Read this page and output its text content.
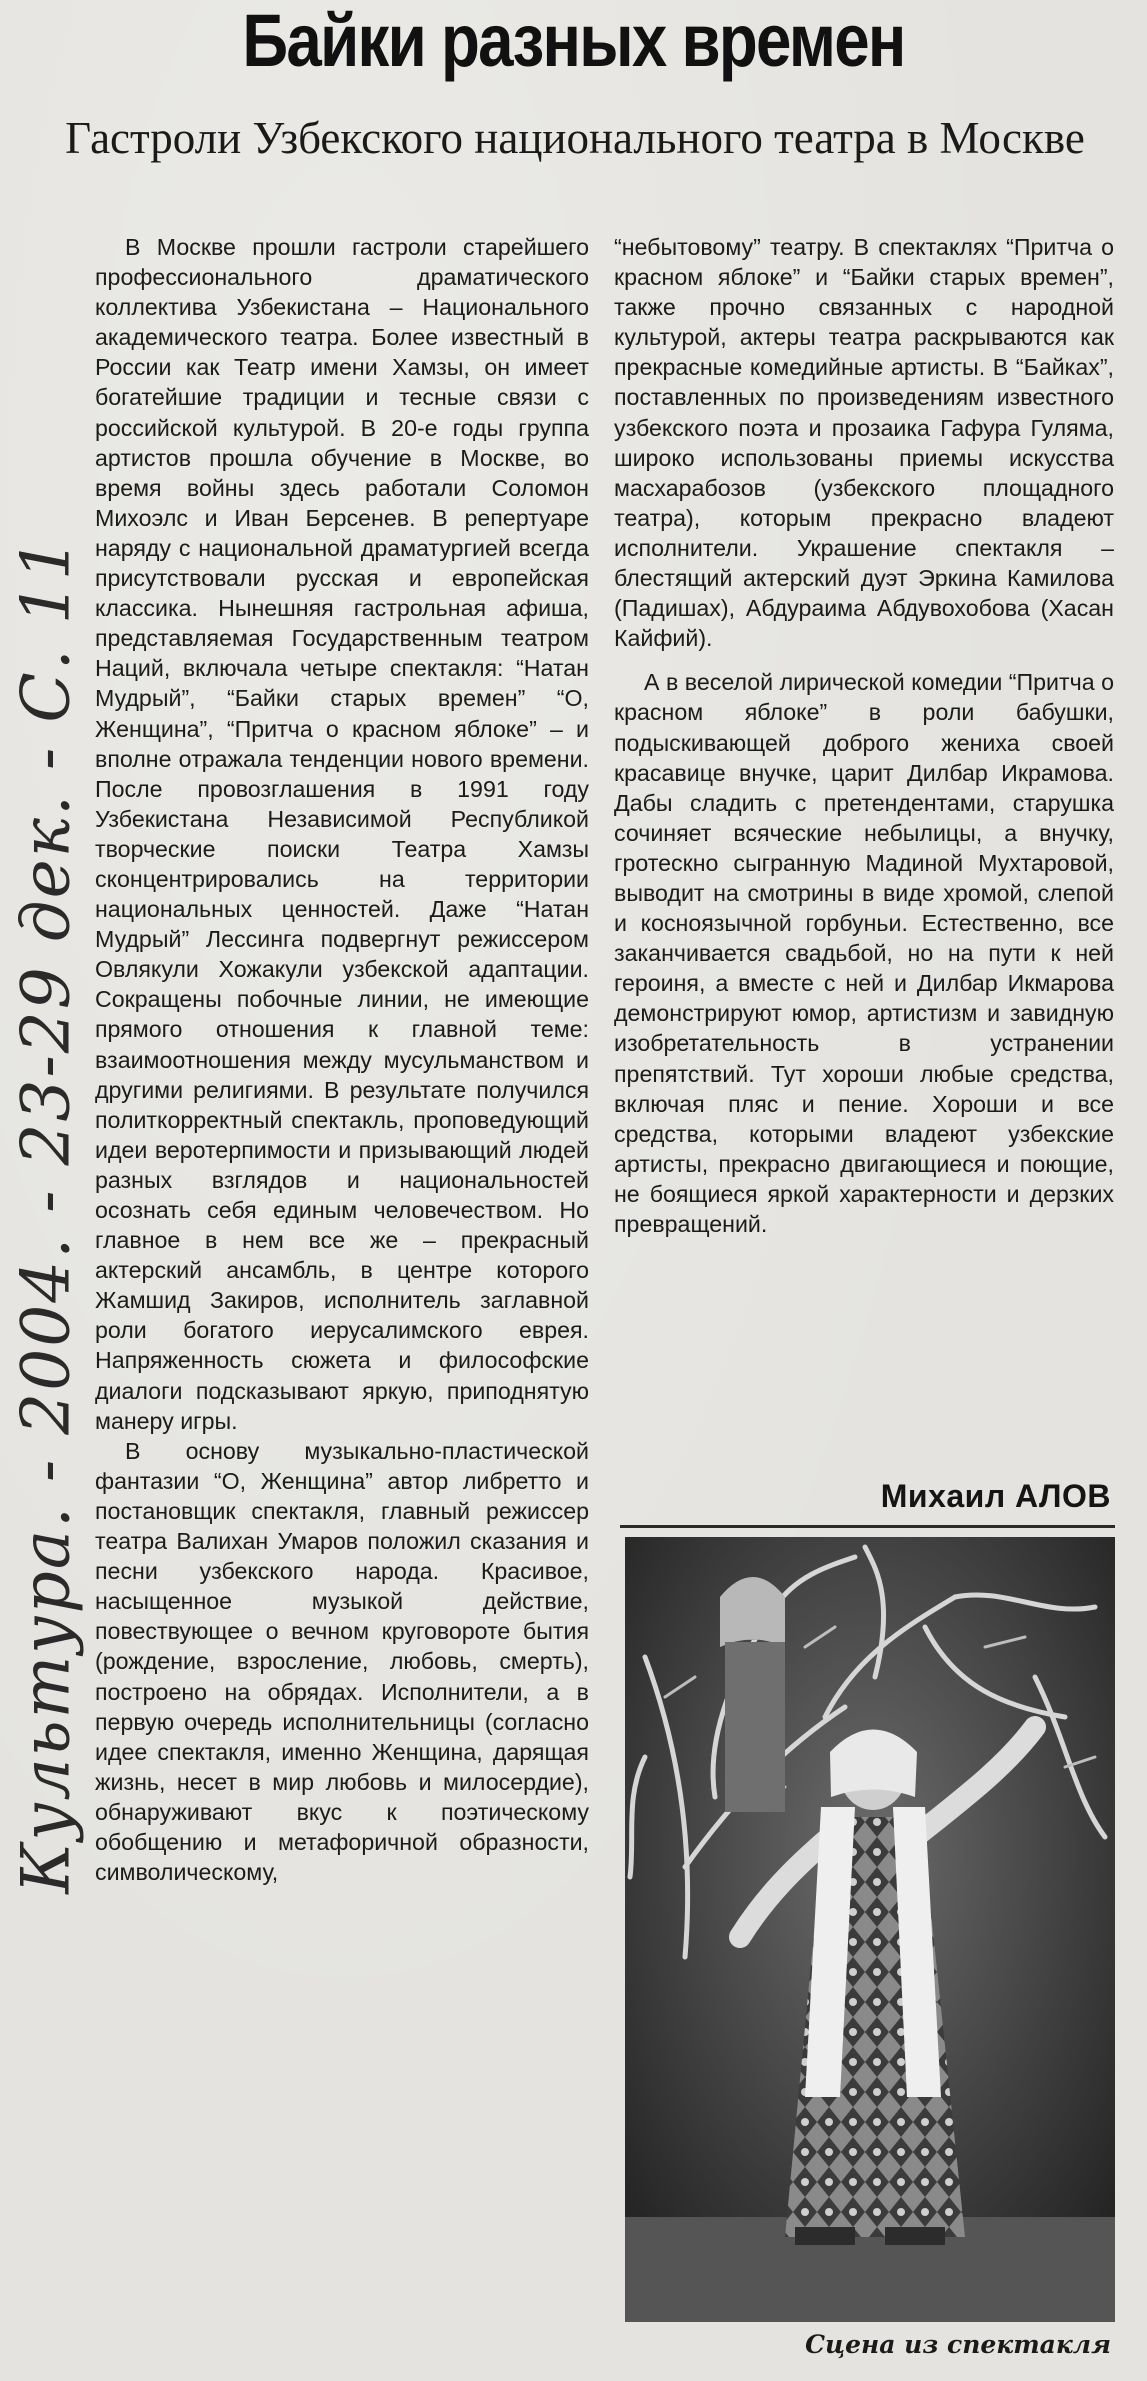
Байки разных времен
Гастроли Узбекского национального театра в Москве
Культура. - 2004. - 23-29 дек. - С. 11

В Москве прошли гастроли старейшего профессионального драматического коллектива Узбекистана – Национального академического театра. Более известный в России как Театр имени Хамзы, он имеет богатейшие традиции и тесные связи с российской культурой. В 20-е годы группа артистов прошла обучение в Москве, во время войны здесь работали Соломон Михоэлс и Иван Берсенев. В репертуаре наряду с национальной драматургией всегда присутствовали русская и европейская классика. Нынешняя гастрольная афиша, представляемая Государственным театром Наций, включала четыре спектакля: “Натан Мудрый”, “Байки старых времен” “О, Женщина”, “Притча о красном яблоке” – и вполне отражала тенденции нового времени. После провозглашения в 1991 году Узбекистана Независимой Республикой творческие поиски Театра Хамзы сконцентрировались на территории национальных ценностей. Даже “Натан Мудрый” Лессинга подвергнут режиссером Овлякули Хожакули узбекской адаптации. Сокращены побочные линии, не имеющие прямого отношения к главной теме: взаимоотношения между мусульманством и другими религиями. В результате получился политкорректный спектакль, проповедующий идеи веротерпимости и призывающий людей разных взглядов и национальностей осознать себя единым человечеством. Но главное в нем все же – прекрасный актерский ансамбль, в центре которого Жамшид Закиров, исполнитель заглавной роли богатого иерусалимского еврея. Напряженность сюжета и философские диалоги подсказывают яркую, приподнятую манеру игры.

В основу музыкально-пластической фантазии “О, Женщина” автор либретто и постановщик спектакля, главный режиссер театра Валихан Умаров положил сказания и песни узбекского народа. Красивое, насыщенное музыкой действие, повествующее о вечном круговороте бытия (рождение, взросление, любовь, смерть), построено на обрядах. Исполнители, а в первую очередь исполнительницы (согласно идее спектакля, именно Женщина, дарящая жизнь, несет в мир любовь и милосердие), обнаруживают вкус к поэтическому обобщению и метафоричной образности, символическому,

“небытовому” театру. В спектаклях “Притча о красном яблоке” и “Байки старых времен”, также прочно связанных с народной культурой, актеры театра раскрываются как прекрасные комедийные артисты. В “Байках”, поставленных по произведениям известного узбекского поэта и прозаика Гафура Гуляма, широко использованы приемы искусства масхарабозов (узбекского площадного театра), которым прекрасно владеют исполнители. Украшение спектакля – блестящий актерский дуэт Эркина Камилова (Падишах), Абдураима Абдувохобова (Хасан Кайфий).

А в веселой лирической комедии “Притча о красном яблоке” в роли бабушки, подыскивающей доброго жениха своей красавице внучке, царит Дилбар Икрамова. Дабы сладить с претендентами, старушка сочиняет всяческие небылицы, а внучку, гротескно сыгранную Мадиной Мухтаровой, выводит на смотрины в виде хромой, слепой и косноязычной горбуньи. Естественно, все заканчивается свадьбой, но на пути к ней героиня, а вместе с ней и Дилбар Икмарова демонстрируют юмор, артистизм и завидную изобретательность в устранении препятствий. Тут хороши любые средства, включая пляс и пение. Хороши и все средства, которыми владеют узбекские артисты, прекрасно двигающиеся и поющие, не боящиеся яркой характерности и дерзких превращений.

Михаил АЛОВ
Сцена из спектакля
